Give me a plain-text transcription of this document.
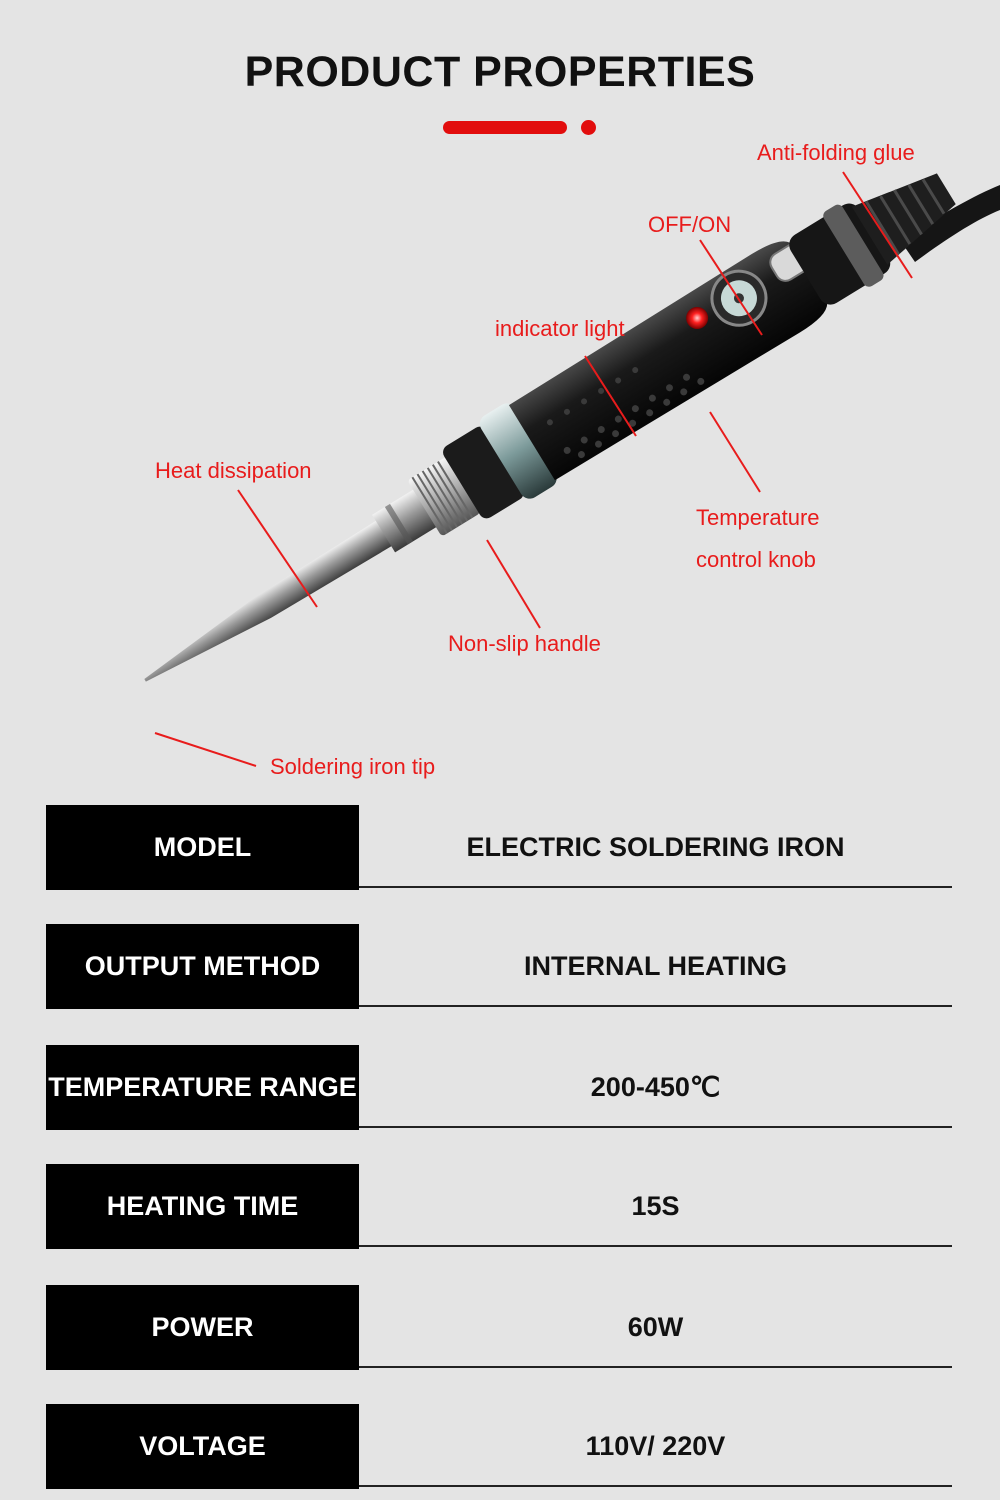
PRODUCT PROPERTIES
Anti-folding glue
OFF/ON
indicator light
Heat dissipation
Temperature
control knob
Non-slip handle
Soldering iron tip
MODEL	ELECTRIC SOLDERING IRON
OUTPUT METHOD	INTERNAL HEATING
TEMPERATURE RANGE	200-450℃
HEATING TIME	15S
POWER	60W
VOLTAGE	110V/ 220V
